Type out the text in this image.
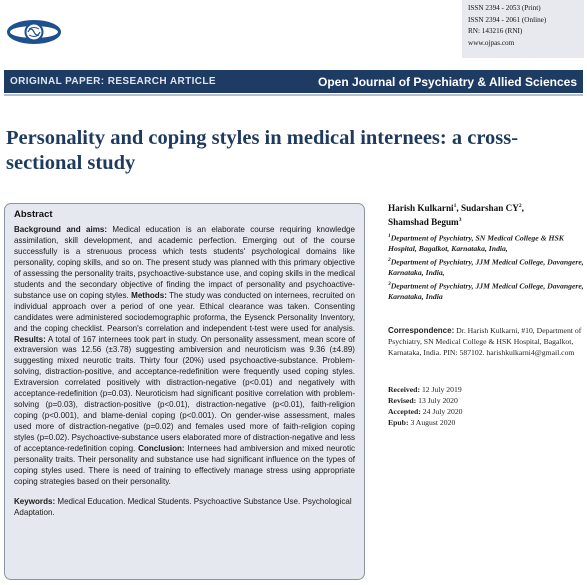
ISSN 2394 - 2053 (Print)
ISSN 2394 - 2061 (Online)
RN: 143216 (RNI)
www.ojpas.com
ORIGINAL PAPER: RESEARCH ARTICLE	Open Journal of Psychiatry & Allied Sciences
Personality and coping styles in medical internees: a cross-sectional study
Abstract

Background and aims: Medical education is an elaborate course requiring knowledge assimilation, skill development, and academic perfection. Emerging out of the course successfully is a strenuous process which tests students' psychological domains like personality, coping skills, and so on. The present study was planned with this primary objective of assessing the personality traits, psychoactive-substance use, and coping skills in the medical students and the secondary objective of finding the impact of personality and psychoactive-substance use on coping styles. Methods: The study was conducted on internees, recruited on individual approach over a period of one year. Ethical clearance was taken. Consenting candidates were administered sociodemographic proforma, the Eysenck Personality Inventory, and the coping checklist. Pearson's correlation and independent t-test were used for analysis. Results: A total of 167 internees took part in study. On personality assessment, mean score of extraversion was 12.56 (±3.78) suggesting ambiversion and neuroticism was 9.36 (±4.89) suggesting mixed neurotic traits. Thirty four (20%) used psychoactive-substance. Problem-solving, distraction-positive, and acceptance-redefinition were frequently used coping styles. Extraversion correlated positively with distraction-negative (p<0.01) and negatively with acceptance-redefinition (p=0.03). Neuroticism had significant positive correlation with problem-solving (p=0.03), distraction-positive (p<0.01), distraction-negative (p<0.01), faith-religion coping (p<0.001), and blame-denial coping (p<0.001). On gender-wise assessment, males used more of distraction-negative (p=0.02) and females used more of faith-religion coping styles (p=0.02). Psychoactive-substance users elaborated more of distraction-negative and less of acceptance-redefinition coping. Conclusion: Internees had ambiversion and mixed neurotic personality traits. Their personality and substance use had significant influence on the types of coping styles used. There is need of training to effectively manage stress using appropriate coping strategies based on their personality.

Keywords: Medical Education. Medical Students. Psychoactive Substance Use. Psychological Adaptation.

Harish Kulkarni$^1$, Sudarshan $CY^2$,
Shamshad Begum$^3$
$^1$Department of Psychiatry, SN Medical College & HSK Hospital, Bagalkot, Karnataka, India,
$^2$Department of Psychiatry, JJM Medical College, Davangere, Karnataka, India,
$^3$Department of Psychiatry, JJM Medical College, Davangere, Karnataka, India
Correspondence: Dr. Harish Kulkarni, #10, Department of Psychiatry, SN Medical College & HSK Hospital, Bagalkot, Karnataka, India. PIN: 587102. harishkulkarni4@gmail.com
Received: 12 July 2019
Revised: 13 July 2020
Accepted: 24 July 2020
Epub: 3 August 2020
